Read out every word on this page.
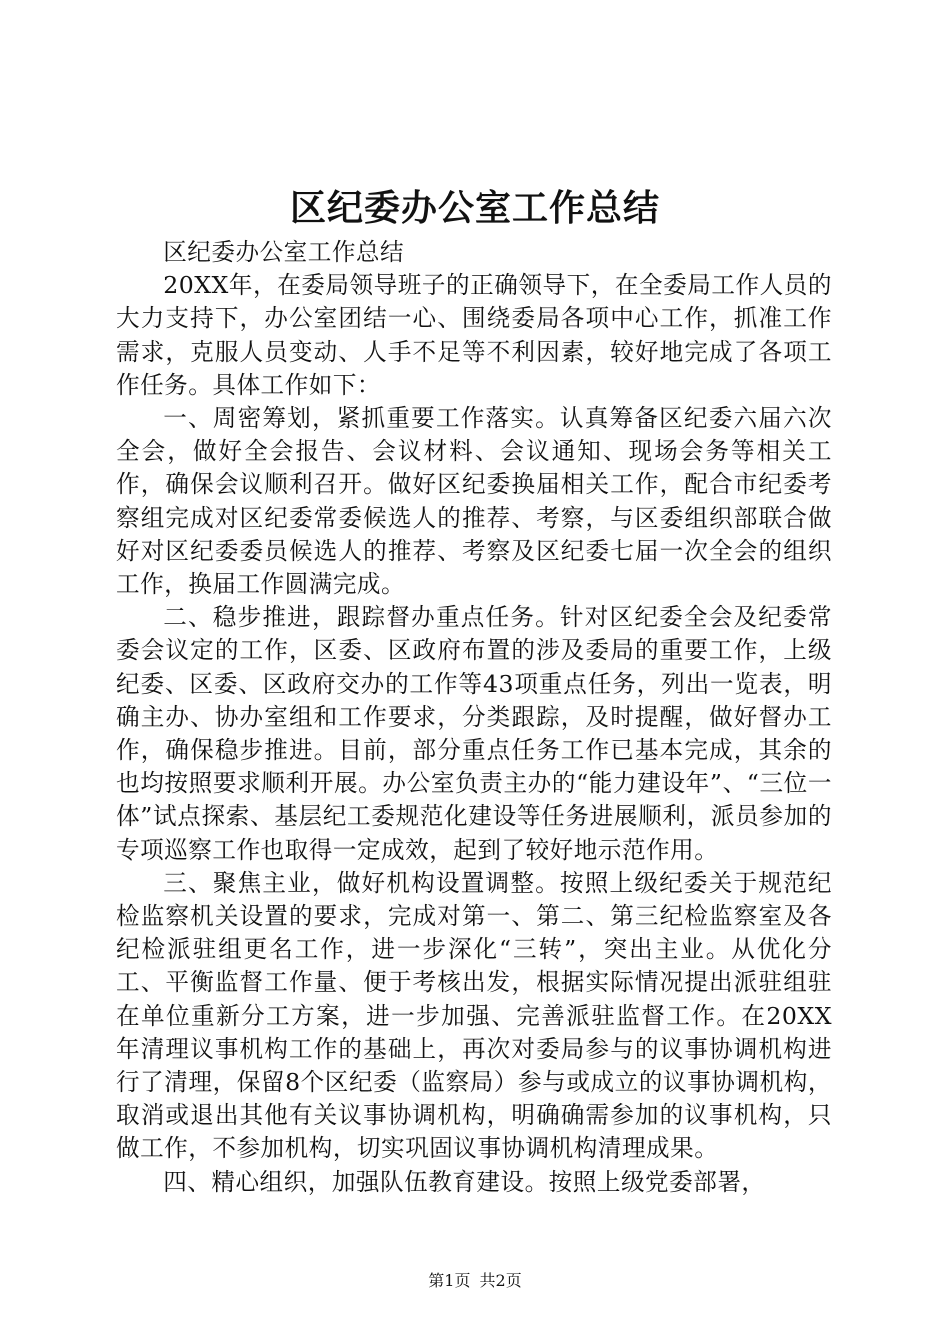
区纪委办公室工作总结

区纪委办公室工作总结

20XX年，在委局领导班子的正确领导下，在全委局工作人员的大力支持下，办公室团结一心、围绕委局各项中心工作，抓准工作需求，克服人员变动、人手不足等不利因素，较好地完成了各项工作任务。具体工作如下：

一、周密筹划，紧抓重要工作落实。认真筹备区纪委六届六次全会，做好全会报告、会议材料、会议通知、现场会务等相关工作，确保会议顺利召开。做好区纪委换届相关工作，配合市纪委考察组完成对区纪委常委候选人的推荐、考察，与区委组织部联合做好对区纪委委员候选人的推荐、考察及区纪委七届一次全会的组织工作，换届工作圆满完成。

二、稳步推进，跟踪督办重点任务。针对区纪委全会及纪委常委会议定的工作，区委、区政府布置的涉及委局的重要工作，上级纪委、区委、区政府交办的工作等43项重点任务，列出一览表，明确主办、协办室组和工作要求，分类跟踪，及时提醒，做好督办工作，确保稳步推进。目前，部分重点任务工作已基本完成，其余的也均按照要求顺利开展。办公室负责主办的“能力建设年”、“三位一体”试点探索、基层纪工委规范化建设等任务进展顺利，派员参加的专项巡察工作也取得一定成效，起到了较好地示范作用。

三、聚焦主业，做好机构设置调整。按照上级纪委关于规范纪检监察机关设置的要求，完成对第一、第二、第三纪检监察室及各纪检派驻组更名工作，进一步深化“三转”，突出主业。从优化分工、平衡监督工作量、便于考核出发，根据实际情况提出派驻组驻在单位重新分工方案，进一步加强、完善派驻监督工作。在20XX年清理议事机构工作的基础上，再次对委局参与的议事协调机构进行了清理，保留8个区纪委（监察局）参与或成立的议事协调机构，取消或退出其他有关议事协调机构，明确确需参加的议事机构，只做工作，不参加机构，切实巩固议事协调机构清理成果。

四、精心组织，加强队伍教育建设。按照上级党委部署，

第1页 共2页
